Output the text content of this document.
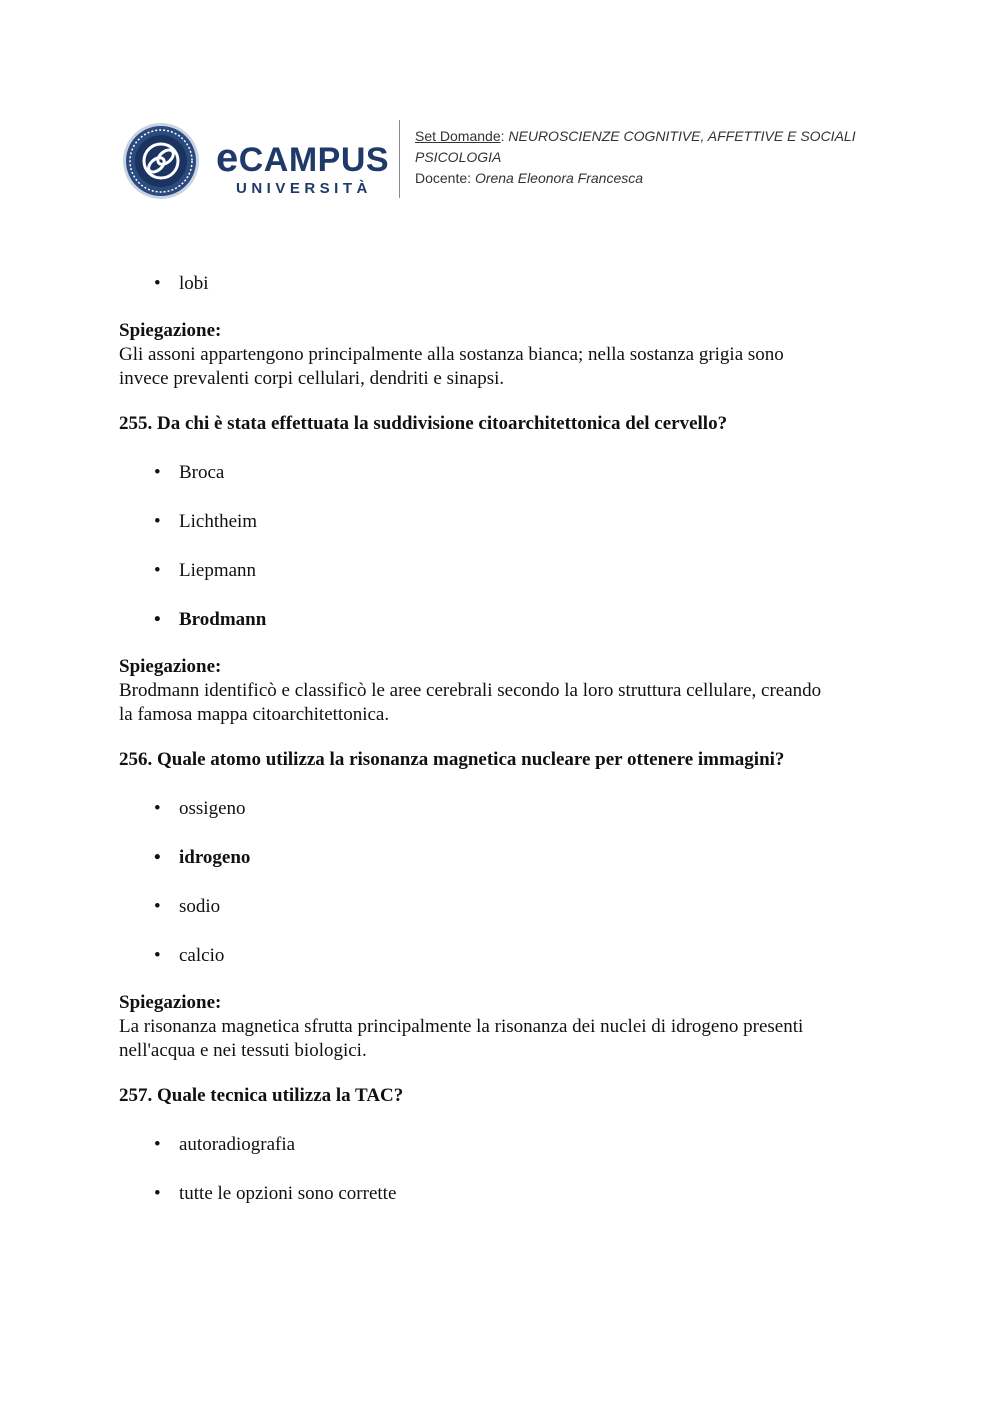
eCAMPUS
UNIVERSITÀ
Set Domande: NEUROSCIENZE COGNITIVE, AFFETTIVE E SOCIALI
PSICOLOGIA
Docente: Orena Eleonora Francesca
• lobi
Spiegazione:
Gli assoni appartengono principalmente alla sostanza bianca; nella sostanza grigia sono
invece prevalenti corpi cellulari, dendriti e sinapsi.
255. Da chi è stata effettuata la suddivisione citoarchitettonica del cervello?
• Broca
• Lichtheim
• Liepmann
• Brodmann
Spiegazione:
Brodmann identificò e classificò le aree cerebrali secondo la loro struttura cellulare, creando
la famosa mappa citoarchitettonica.
256. Quale atomo utilizza la risonanza magnetica nucleare per ottenere immagini?
• ossigeno
• idrogeno
• sodio
• calcio
Spiegazione:
La risonanza magnetica sfrutta principalmente la risonanza dei nuclei di idrogeno presenti
nell'acqua e nei tessuti biologici.
257. Quale tecnica utilizza la TAC?
• autoradiografia
• tutte le opzioni sono corrette
